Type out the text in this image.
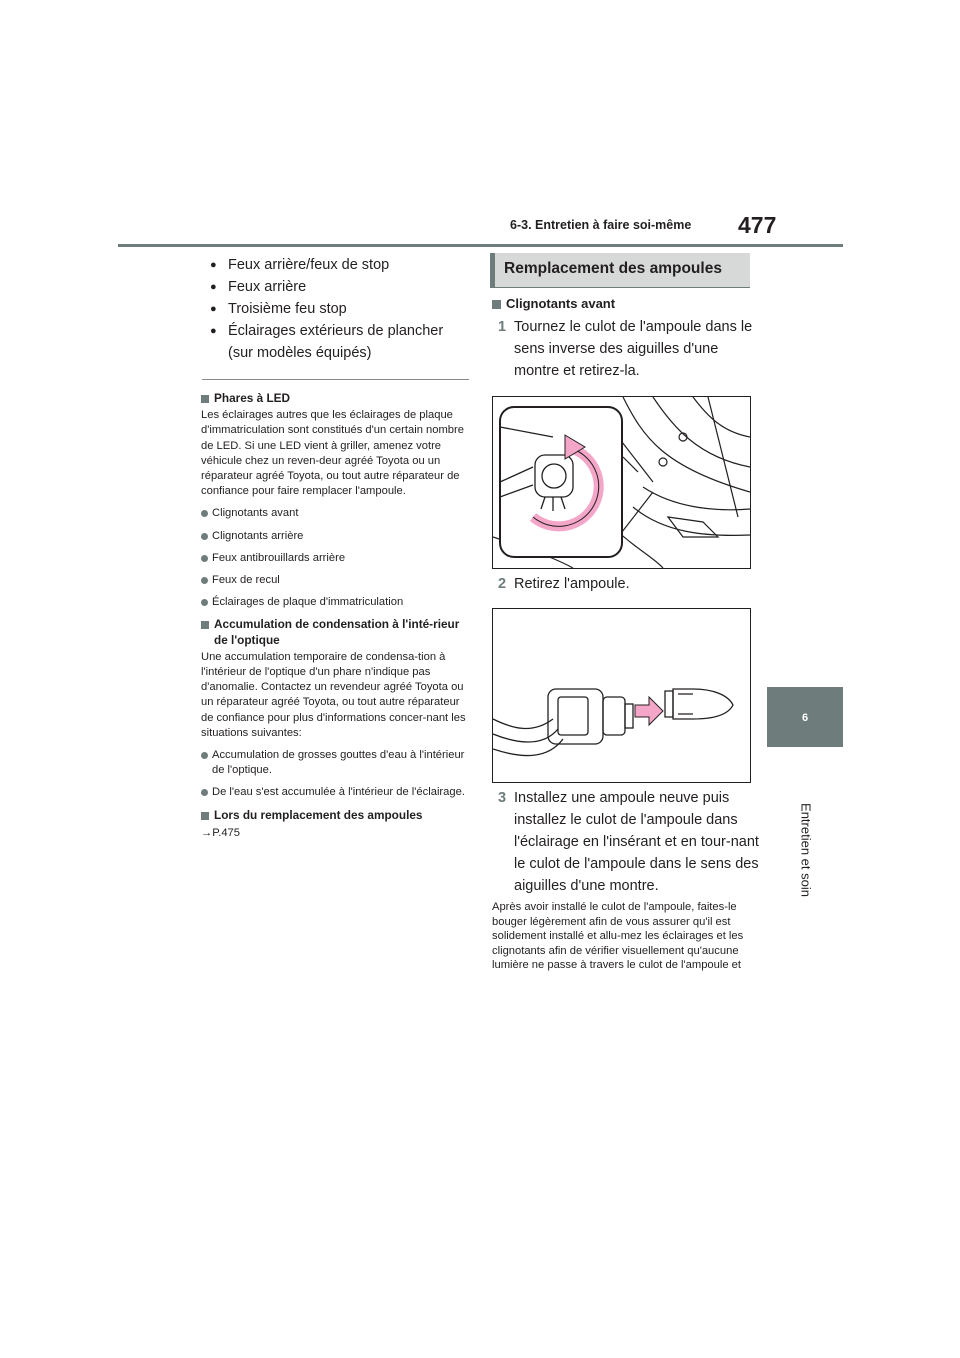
6-3. Entretien à faire soi-même 477
6
Entretien et soin
● Feux arrière/feux de stop
● Feux arrière
● Troisième feu stop
● Éclairages extérieurs de plancher (sur modèles équipés)
Phares à LED
Les éclairages autres que les éclairages de plaque d'immatriculation sont constitués d'un certain nombre de LED. Si une LED vient à griller, amenez votre véhicule chez un reven-deur agréé Toyota ou un réparateur agréé Toyota, ou tout autre réparateur de confiance pour faire remplacer l'ampoule.
Clignotants avant
Clignotants arrière
Feux antibrouillards arrière
Feux de recul
Éclairages de plaque d'immatriculation
Accumulation de condensation à l'inté-rieur de l'optique
Une accumulation temporaire de condensa-tion à l'intérieur de l'optique d'un phare n'indique pas d'anomalie. Contactez un revendeur agréé Toyota ou un réparateur agréé Toyota, ou tout autre réparateur de confiance pour plus d'informations concer-nant les situations suivantes:
Accumulation de grosses gouttes d'eau à l'intérieur de l'optique.
De l'eau s'est accumulée à l'intérieur de l'éclairage.
Lors du remplacement des ampoules
→P.475
Remplacement des ampoules
Clignotants avant
1 Tournez le culot de l'ampoule dans le sens inverse des aiguilles d'une montre et retirez-la.
2 Retirez l'ampoule.
3 Installez une ampoule neuve puis installez le culot de l'ampoule dans l'éclairage en l'insérant et en tour-nant le culot de l'ampoule dans le sens des aiguilles d'une montre.
Après avoir installé le culot de l'ampoule, faites-le bouger légèrement afin de vous assurer qu'il est solidement installé et allu-mez les éclairages et les clignotants afin de vérifier visuellement qu'aucune lumière ne passe à travers le culot de l'ampoule et
